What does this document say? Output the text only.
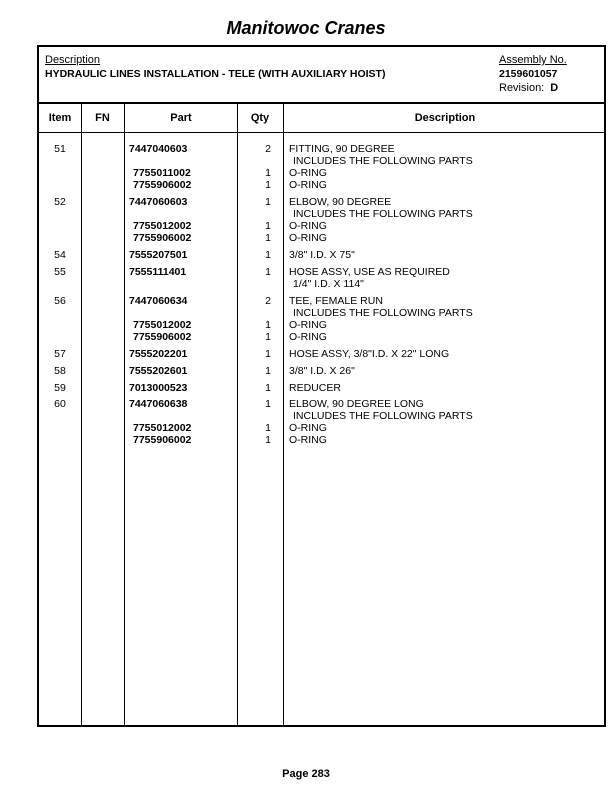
Manitowoc Cranes
Description
HYDRAULIC LINES INSTALLATION - TELE (WITH AUXILIARY HOIST)
Assembly No.
2159601057
Revision: D
Item	FN	Part	Qty	Description
51	7447040603	2 FITTING, 90 DEGREE
INCLUDES THE FOLLOWING PARTS
7755011002	1 O-RING
7755906002	1 O-RING
52	7447060603	1 ELBOW, 90 DEGREE
INCLUDES THE FOLLOWING PARTS
7755012002	1 O-RING
7755906002	1 O-RING
54	7555207501	1 3/8" I.D. X 75"
55	7555111401	1 HOSE ASSY, USE AS REQUIRED
1/4" I.D. X 114"
56	7447060634	2 TEE, FEMALE RUN
INCLUDES THE FOLLOWING PARTS
7755012002	1 O-RING
7755906002	1 O-RING
57	7555202201	1 HOSE ASSY, 3/8"I.D. X 22" LONG
58	7555202601	1 3/8" I.D. X 26"
59	7013000523	1 REDUCER
60	7447060638	1 ELBOW, 90 DEGREE LONG
INCLUDES THE FOLLOWING PARTS
7755012002	1 O-RING
7755906002	1 O-RING
Page 283
